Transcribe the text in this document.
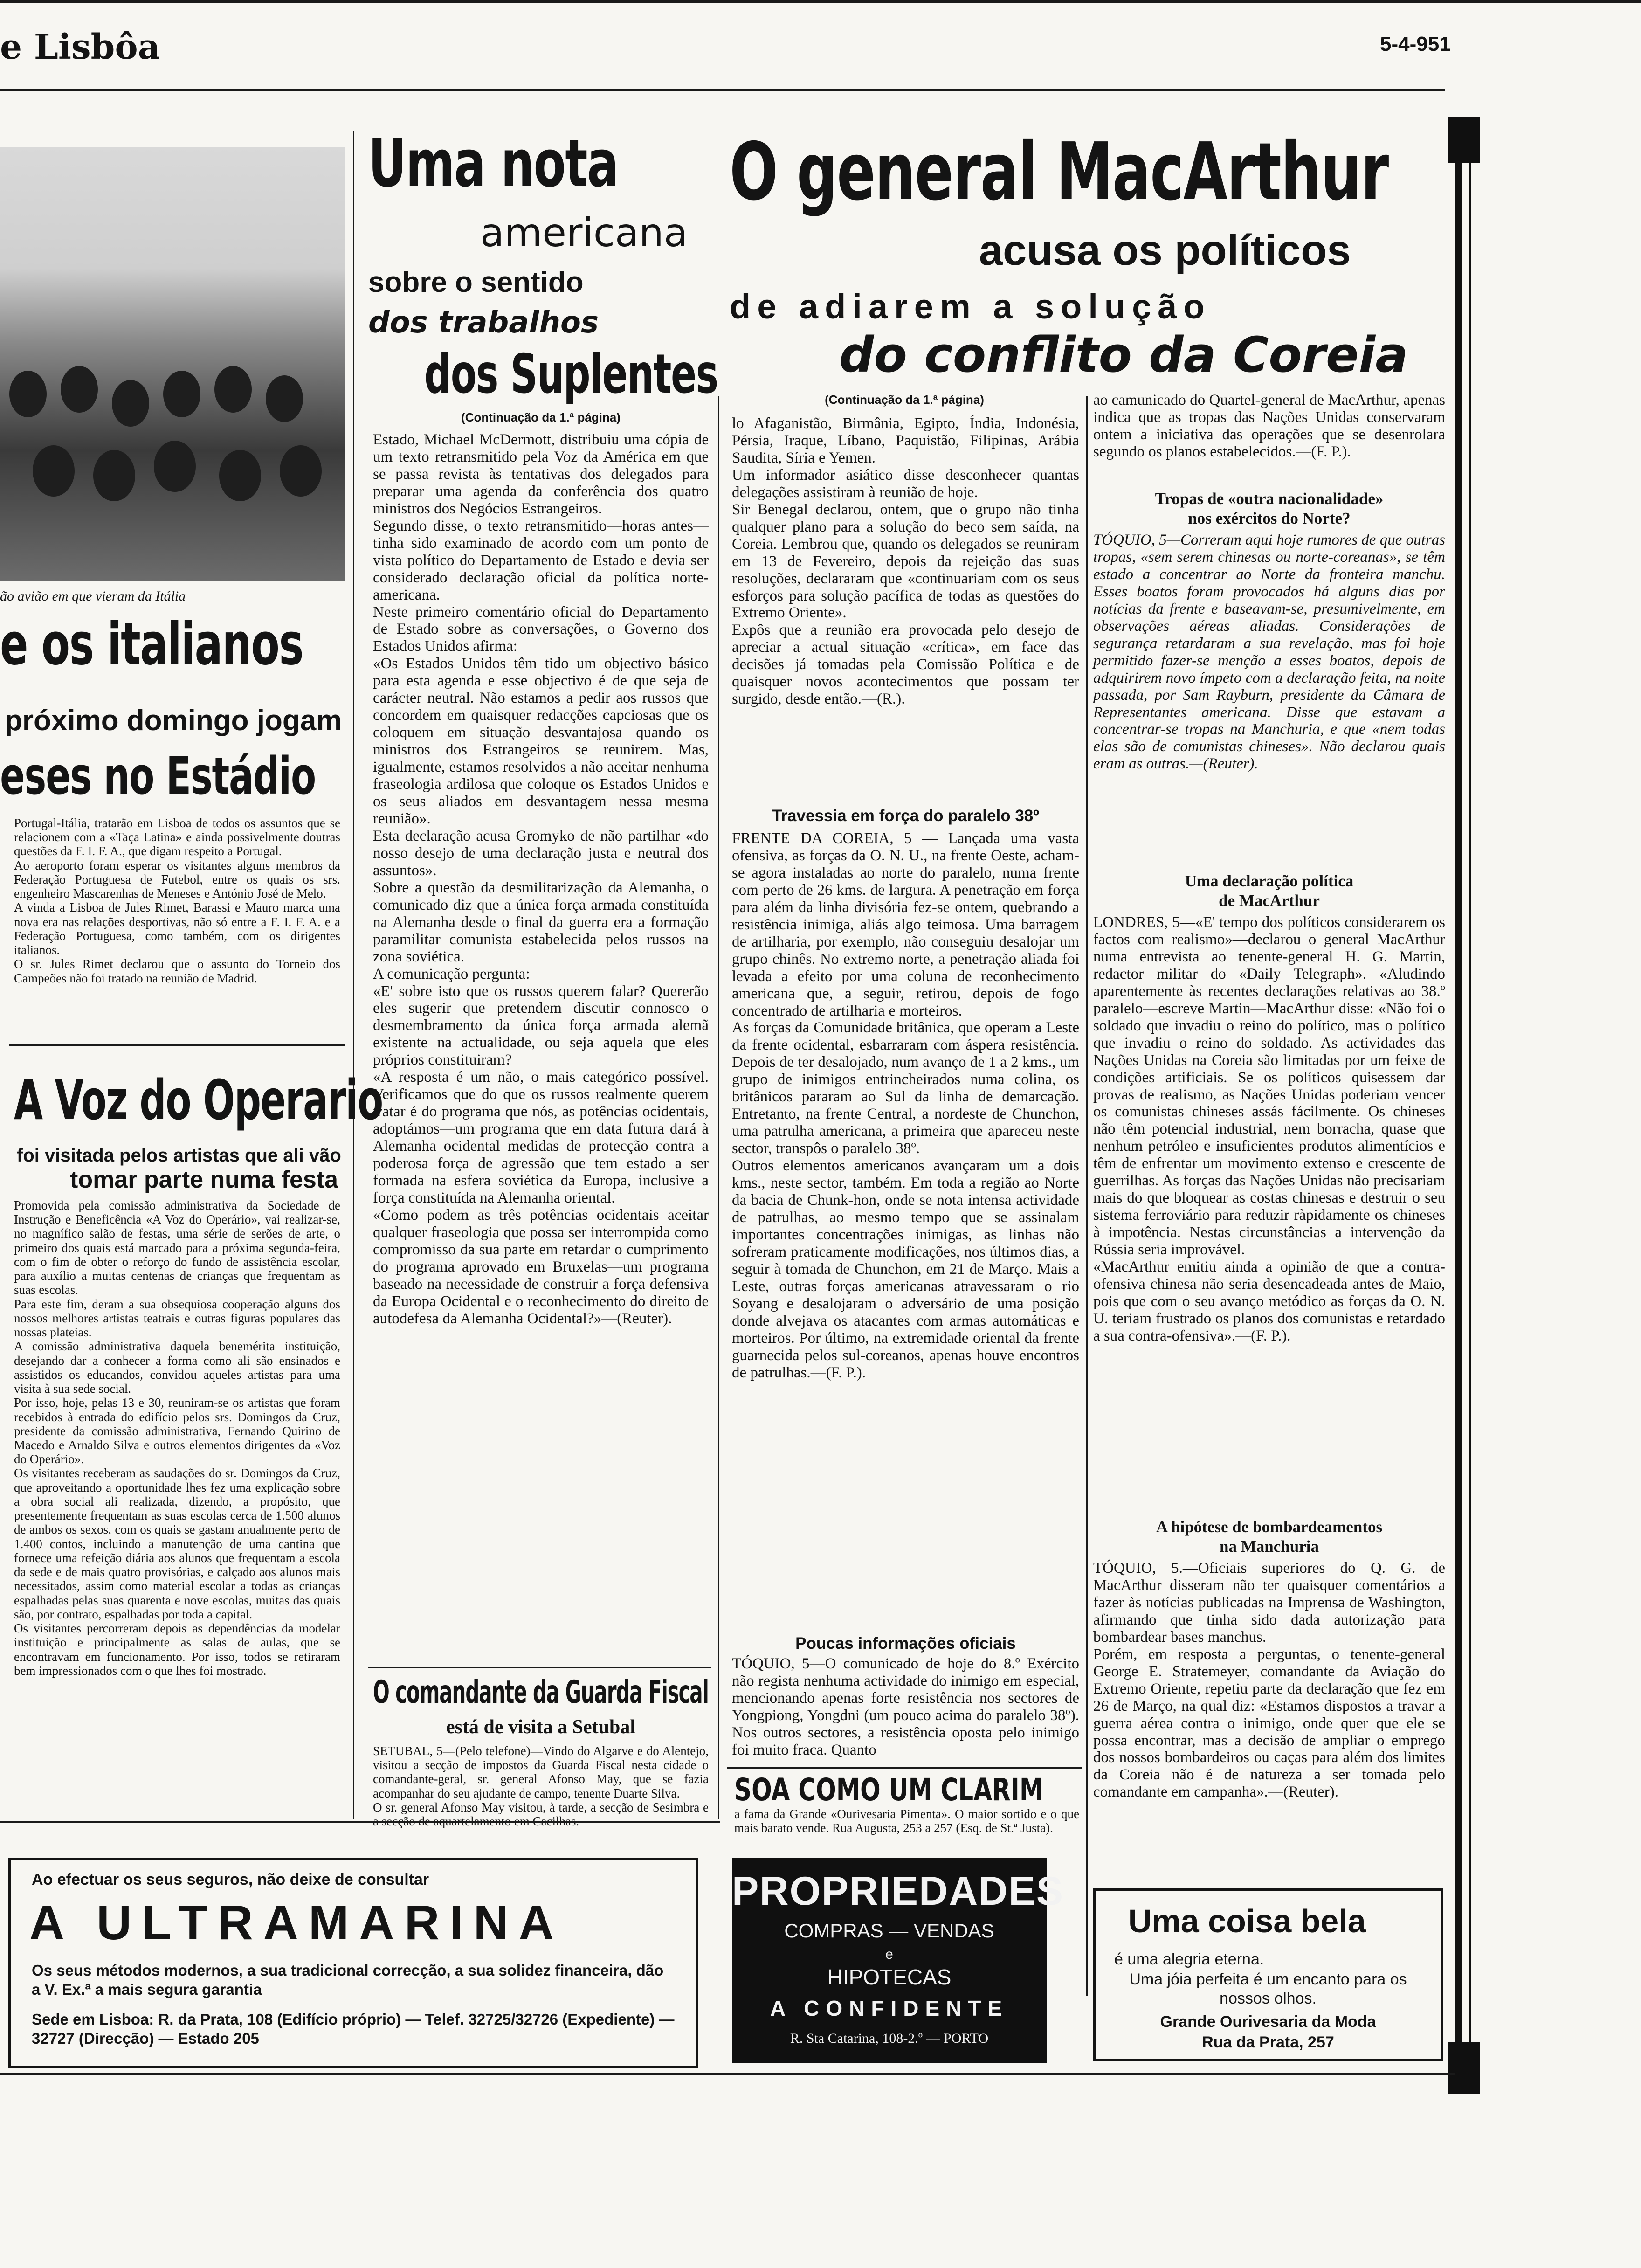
e Lisbôa	5-4-951
ão avião em que vieram da Itália
e os italianos
próximo domingo jogam
eses no Estádio
Portugal-Itália, tratarão em Lisboa de todos os assuntos que se relacionem com a «Taça Latina» e ainda possivelmente doutras questões da F. I. F. A., que digam respeito a Portugal.
Ao aeroporto foram esperar os visitantes alguns membros da Federação Portuguesa de Futebol, entre os quais os srs. engenheiro Mascarenhas de Meneses e António José de Melo.
A vinda a Lisboa de Jules Rimet, Barassi e Mauro marca uma nova era nas relações desportivas, não só entre a F. I. F. A. e a Federação Portuguesa, como também, com os dirigentes italianos.
O sr. Jules Rimet declarou que o assunto do Torneio dos Campeões não foi tratado na reunião de Madrid.
A Voz do Operario
foi visitada pelos artistas que ali vão
tomar parte numa festa
Promovida pela comissão administrativa da Sociedade de Instrução e Beneficência «A Voz do Operário», vai realizar-se, no magnífico salão de festas, uma série de serões de arte, o primeiro dos quais está marcado para a próxima segunda-feira, com o fim de obter o reforço do fundo de assistência escolar, para auxílio a muitas centenas de crianças que frequentam as suas escolas.
Para este fim, deram a sua obsequiosa cooperação alguns dos nossos melhores artistas teatrais e outras figuras populares das nossas plateias.
A comissão administrativa daquela benemérita instituição, desejando dar a conhecer a forma como ali são ensinados e assistidos os educandos, convidou aqueles artistas para uma visita à sua sede social.
Por isso, hoje, pelas 13 e 30, reuniram-se os artistas que foram recebidos à entrada do edifício pelos srs. Domingos da Cruz, presidente da comissão administrativa, Fernando Quirino de Macedo e Arnaldo Silva e outros elementos dirigentes da «Voz do Operário».
Os visitantes receberam as saudações do sr. Domingos da Cruz, que aproveitando a oportunidade lhes fez uma explicação sobre a obra social ali realizada, dizendo, a propósito, que presentemente frequentam as suas escolas cerca de 1.500 alunos de ambos os sexos, com os quais se gastam anualmente perto de 1.400 contos, incluindo a manutenção de uma cantina que fornece uma refeição diária aos alunos que frequentam a escola da sede e de mais quatro provisórias, e calçado aos alunos mais necessitados, assim como material escolar a todas as crianças espalhadas pelas suas quarenta e nove escolas, muitas das quais são, por contrato, espalhadas por toda a capital.
Os visitantes percorreram depois as dependências da modelar instituição e principalmente as salas de aulas, que se encontravam em funcionamento. Por isso, todos se retiraram bem impressionados com o que lhes foi mostrado.
Uma nota
americana
sobre o sentido
dos trabalhos
dos Suplentes
(Continuação da 1.ª página)
Estado, Michael McDermott, distribuiu uma cópia de um texto retransmitido pela Voz da América em que se passa revista às tentativas dos delegados para preparar uma agenda da conferência dos quatro ministros dos Negócios Estrangeiros.
Segundo disse, o texto retransmitido—horas antes—tinha sido examinado de acordo com um ponto de vista político do Departamento de Estado e devia ser considerado declaração oficial da política norte-americana.
Neste primeiro comentário oficial do Departamento de Estado sobre as conversações, o Governo dos Estados Unidos afirma:
«Os Estados Unidos têm tido um objectivo básico para esta agenda e esse objectivo é de que seja de carácter neutral. Não estamos a pedir aos russos que concordem em quaisquer redacções capciosas que os coloquem em situação desvantajosa quando os ministros dos Estrangeiros se reunirem. Mas, igualmente, estamos resolvidos a não aceitar nenhuma fraseologia ardilosa que coloque os Estados Unidos e os seus aliados em desvantagem nessa mesma reunião».
Esta declaração acusa Gromyko de não partilhar «do nosso desejo de uma declaração justa e neutral dos assuntos».
Sobre a questão da desmilitarização da Alemanha, o comunicado diz que a única força armada constituída na Alemanha desde o final da guerra era a formação paramilitar comunista estabelecida pelos russos na zona soviética.
A comunicação pergunta:
«E' sobre isto que os russos querem falar? Quererão eles sugerir que pretendem discutir connosco o desmembramento da única força armada alemã existente na actualidade, ou seja aquela que eles próprios constituiram?
«A resposta é um não, o mais categórico possível. Verificamos que do que os russos realmente querem tratar é do programa que nós, as potências ocidentais, adoptámos—um programa que em data futura dará à Alemanha ocidental medidas de protecção contra a poderosa força de agressão que tem estado a ser formada na esfera soviética da Europa, inclusive a força constituída na Alemanha oriental.
«Como podem as três potências ocidentais aceitar qualquer fraseologia que possa ser interrompida como compromisso da sua parte em retardar o cumprimento do programa aprovado em Bruxelas—um programa baseado na necessidade de construir a força defensiva da Europa Ocidental e o reconhecimento do direito de autodefesa da Alemanha Ocidental?»—(Reuter).
O comandante da Guarda Fiscal
está de visita a Setubal
SETUBAL, 5—(Pelo telefone)—Vindo do Algarve e do Alentejo, visitou a secção de impostos da Guarda Fiscal nesta cidade o comandante-geral, sr. general Afonso May, que se fazia acompanhar do seu ajudante de campo, tenente Duarte Silva.
O sr. general Afonso May visitou, à tarde, a secção de Sesimbra e
O general MacArthur
acusa os políticos
de adiarem a solução
do conflito da Coreia
(Continuação da 1.ª página)
lo Afaganistão, Birmânia, Egipto, Índia, Indonésia, Pérsia, Iraque, Líbano, Paquistão, Filipinas, Arábia Saudita, Síria e Yemen.
Um informador asiático disse desconhecer quantas delegações assistiram à reunião de hoje.
Sir Benegal declarou, ontem, que o grupo não tinha qualquer plano para a solução do beco sem saída, na Coreia. Lembrou que, quando os delegados se reuniram em 13 de Fevereiro, depois da rejeição das suas resoluções, declararam que «continuariam com os seus esforços para solução pacífica de todas as questões do Extremo Oriente».
Expôs que a reunião era provocada pelo desejo de apreciar a actual situação «crítica», em face das decisões já tomadas pela Comissão Política e de quaisquer novos acontecimentos que possam ter surgido, desde então.—(R.).
Travessia em força do paralelo 38º
FRENTE DA COREIA, 5 — Lançada uma vasta ofensiva, as forças da O. N. U., na frente Oeste, acham-se agora instaladas ao norte do paralelo, numa frente com perto de 26 kms. de largura. A penetração em força para além da linha divisória fez-se ontem, quebrando a resistência inimiga, aliás algo teimosa. Uma barragem de artilharia, por exemplo, não conseguiu desalojar um grupo chinês. No extremo norte, a penetração aliada foi levada a efeito por uma coluna de reconhecimento americana que, a seguir, retirou, depois de fogo concentrado de artilharia e morteiros.
As forças da Comunidade britânica, que operam a Leste da frente ocidental, esbarraram com áspera resistência. Depois de ter desalojado, num avanço de 1 a 2 kms., um grupo de inimigos entrincheirados numa colina, os britânicos pararam ao Sul da linha de demarcação. Entretanto, na frente Central, a nordeste de Chunchon, uma patrulha americana, a primeira que apareceu neste sector, transpôs o paralelo 38º.
Outros elementos americanos avançaram um a dois kms., neste sector, também. Em toda a região ao Norte da bacia de Chunk-hon, onde se nota intensa actividade de patrulhas, ao mesmo tempo que se assinalam importantes concentrações inimigas, as linhas não sofreram praticamente modificações, nos últimos dias, a seguir à tomada de Chunchon, em 21 de Março. Mais a Leste, outras forças americanas atravessaram o rio Soyang e desalojaram o adversário de uma posição donde alvejava os atacantes com armas automáticas e morteiros. Por último, na extremidade oriental da frente guarnecida pelos sul-coreanos, apenas houve encontros de patrulhas.—(F. P.).
Poucas informações oficiais
TÓQUIO, 5—O comunicado de hoje do 8.º Exército não regista nenhuma actividade do inimigo em especial, mencionando apenas forte resistência nos sectores de Yongpiong, Yongdni (um pouco acima do paralelo 38º). Nos outros sectores, a resistência oposta pelo inimigo foi muito fraca. Quanto
ao camunicado do Quartel-general de MacArthur, apenas indica que as tropas das Nações Unidas conservaram ontem a iniciativa das operações que se desenrolara segundo os planos estabelecidos.—(F. P.).
Tropas de «outra nacionalidade»
nos exércitos do Norte?
TÓQUIO, 5—Correram aqui hoje rumores de que outras tropas, «sem serem chinesas ou norte-coreanas», se têm estado a concentrar ao Norte da fronteira manchu. Esses boatos foram provocados há alguns dias por notícias da frente e baseavam-se, presumivelmente, em observações aéreas aliadas. Considerações de segurança retardaram a sua revelação, mas foi hoje permitido fazer-se menção a esses boatos, depois de adquirirem novo ímpeto com a declaração feita, na noite passada, por Sam Rayburn, presidente da Câmara de Representantes americana. Disse que estavam a concentrar-se tropas na Manchuria, e que «nem todas elas são de comunistas chineses». Não declarou quais eram as outras.—(Reuter).
Uma declaração política
de MacArthur
LONDRES, 5—«E' tempo dos políticos considerarem os factos com realismo»—declarou o general MacArthur numa entrevista ao tenente-general H. G. Martin, redactor militar do «Daily Telegraph». «Aludindo aparentemente às recentes declarações relativas ao 38.º paralelo—escreve Martin—MacArthur disse: «Não foi o soldado que invadiu o reino do político, mas o político que invadiu o reino do soldado. As actividades das Nações Unidas na Coreia são limitadas por um feixe de condições artificiais. Se os políticos quisessem dar provas de realismo, as Nações Unidas poderiam vencer os comunistas chineses assás fácilmente. Os chineses não têm potencial industrial, nem borracha, quase que nenhum petróleo e insuficientes produtos alimentícios e têm de enfrentar um movimento extenso e crescente de guerrilhas. As forças das Nações Unidas não precisariam mais do que bloquear as costas chinesas e destruir o seu sistema ferroviário para reduzir ràpidamente os chineses à impotência. Nestas circunstâncias a intervenção da Rússia seria improvável.
«MacArthur emitiu ainda a opinião de que a contra-ofensiva chinesa não seria desencadeada antes de Maio, pois que com o seu avanço metódico as forças da O. N. U. teriam frustrado os planos dos comunistas e retardado a sua contra-ofensiva».—(F. P.).
A hipótese de bombardeamentos
na Manchuria
TÓQUIO, 5.—Oficiais superiores do Q. G. de MacArthur disseram não ter quaisquer comentários a fazer às notícias publicadas na Imprensa de Washington, afirmando que tinha sido dada autorização para bombardear bases manchus.
Porém, em resposta a perguntas, o tenente-general George E. Stratemeyer, comandante da Aviação do Extremo Oriente, repetiu parte da declaração que fez em 26 de Março, na qual diz: «Estamos dispostos a travar a guerra aérea contra o inimigo, onde quer que ele se possa encontrar, mas a decisão de ampliar o emprego dos nossos bombardeiros ou caças para além dos limites da Coreia não é de natureza a ser tomada pelo comandante em campanha».—(Reuter).
SOA COMO UM CLARIM
a fama da Grande «Ourivesaria Pimenta». O maior sortido e o que mais barato vende. Rua Augusta, 253 a 257 (Esq. de St.ª Justa).
Ao efectuar os seus seguros, não deixe de consultar
A ULTRAMARINA
Os seus métodos modernos, a sua tradicional correcção, a sua solidez financeira, dão a V. Ex.ª a mais segura garantia
Sede em Lisboa: R. da Prata, 108 (Edifício próprio) — Telef. 32725/32726 (Expediente) — 32727 (Direcção) — Estado 205
PROPRIEDADES
COMPRAS — VENDAS
e
HIPOTECAS
A CONFIDENTE
R. Sta Catarina, 108-2.º — PORTO
Uma coisa bela
é uma alegria eterna.
Uma jóia perfeita é um encanto para os nossos olhos.
Grande Ourivesaria da Moda
Rua da Prata, 257
